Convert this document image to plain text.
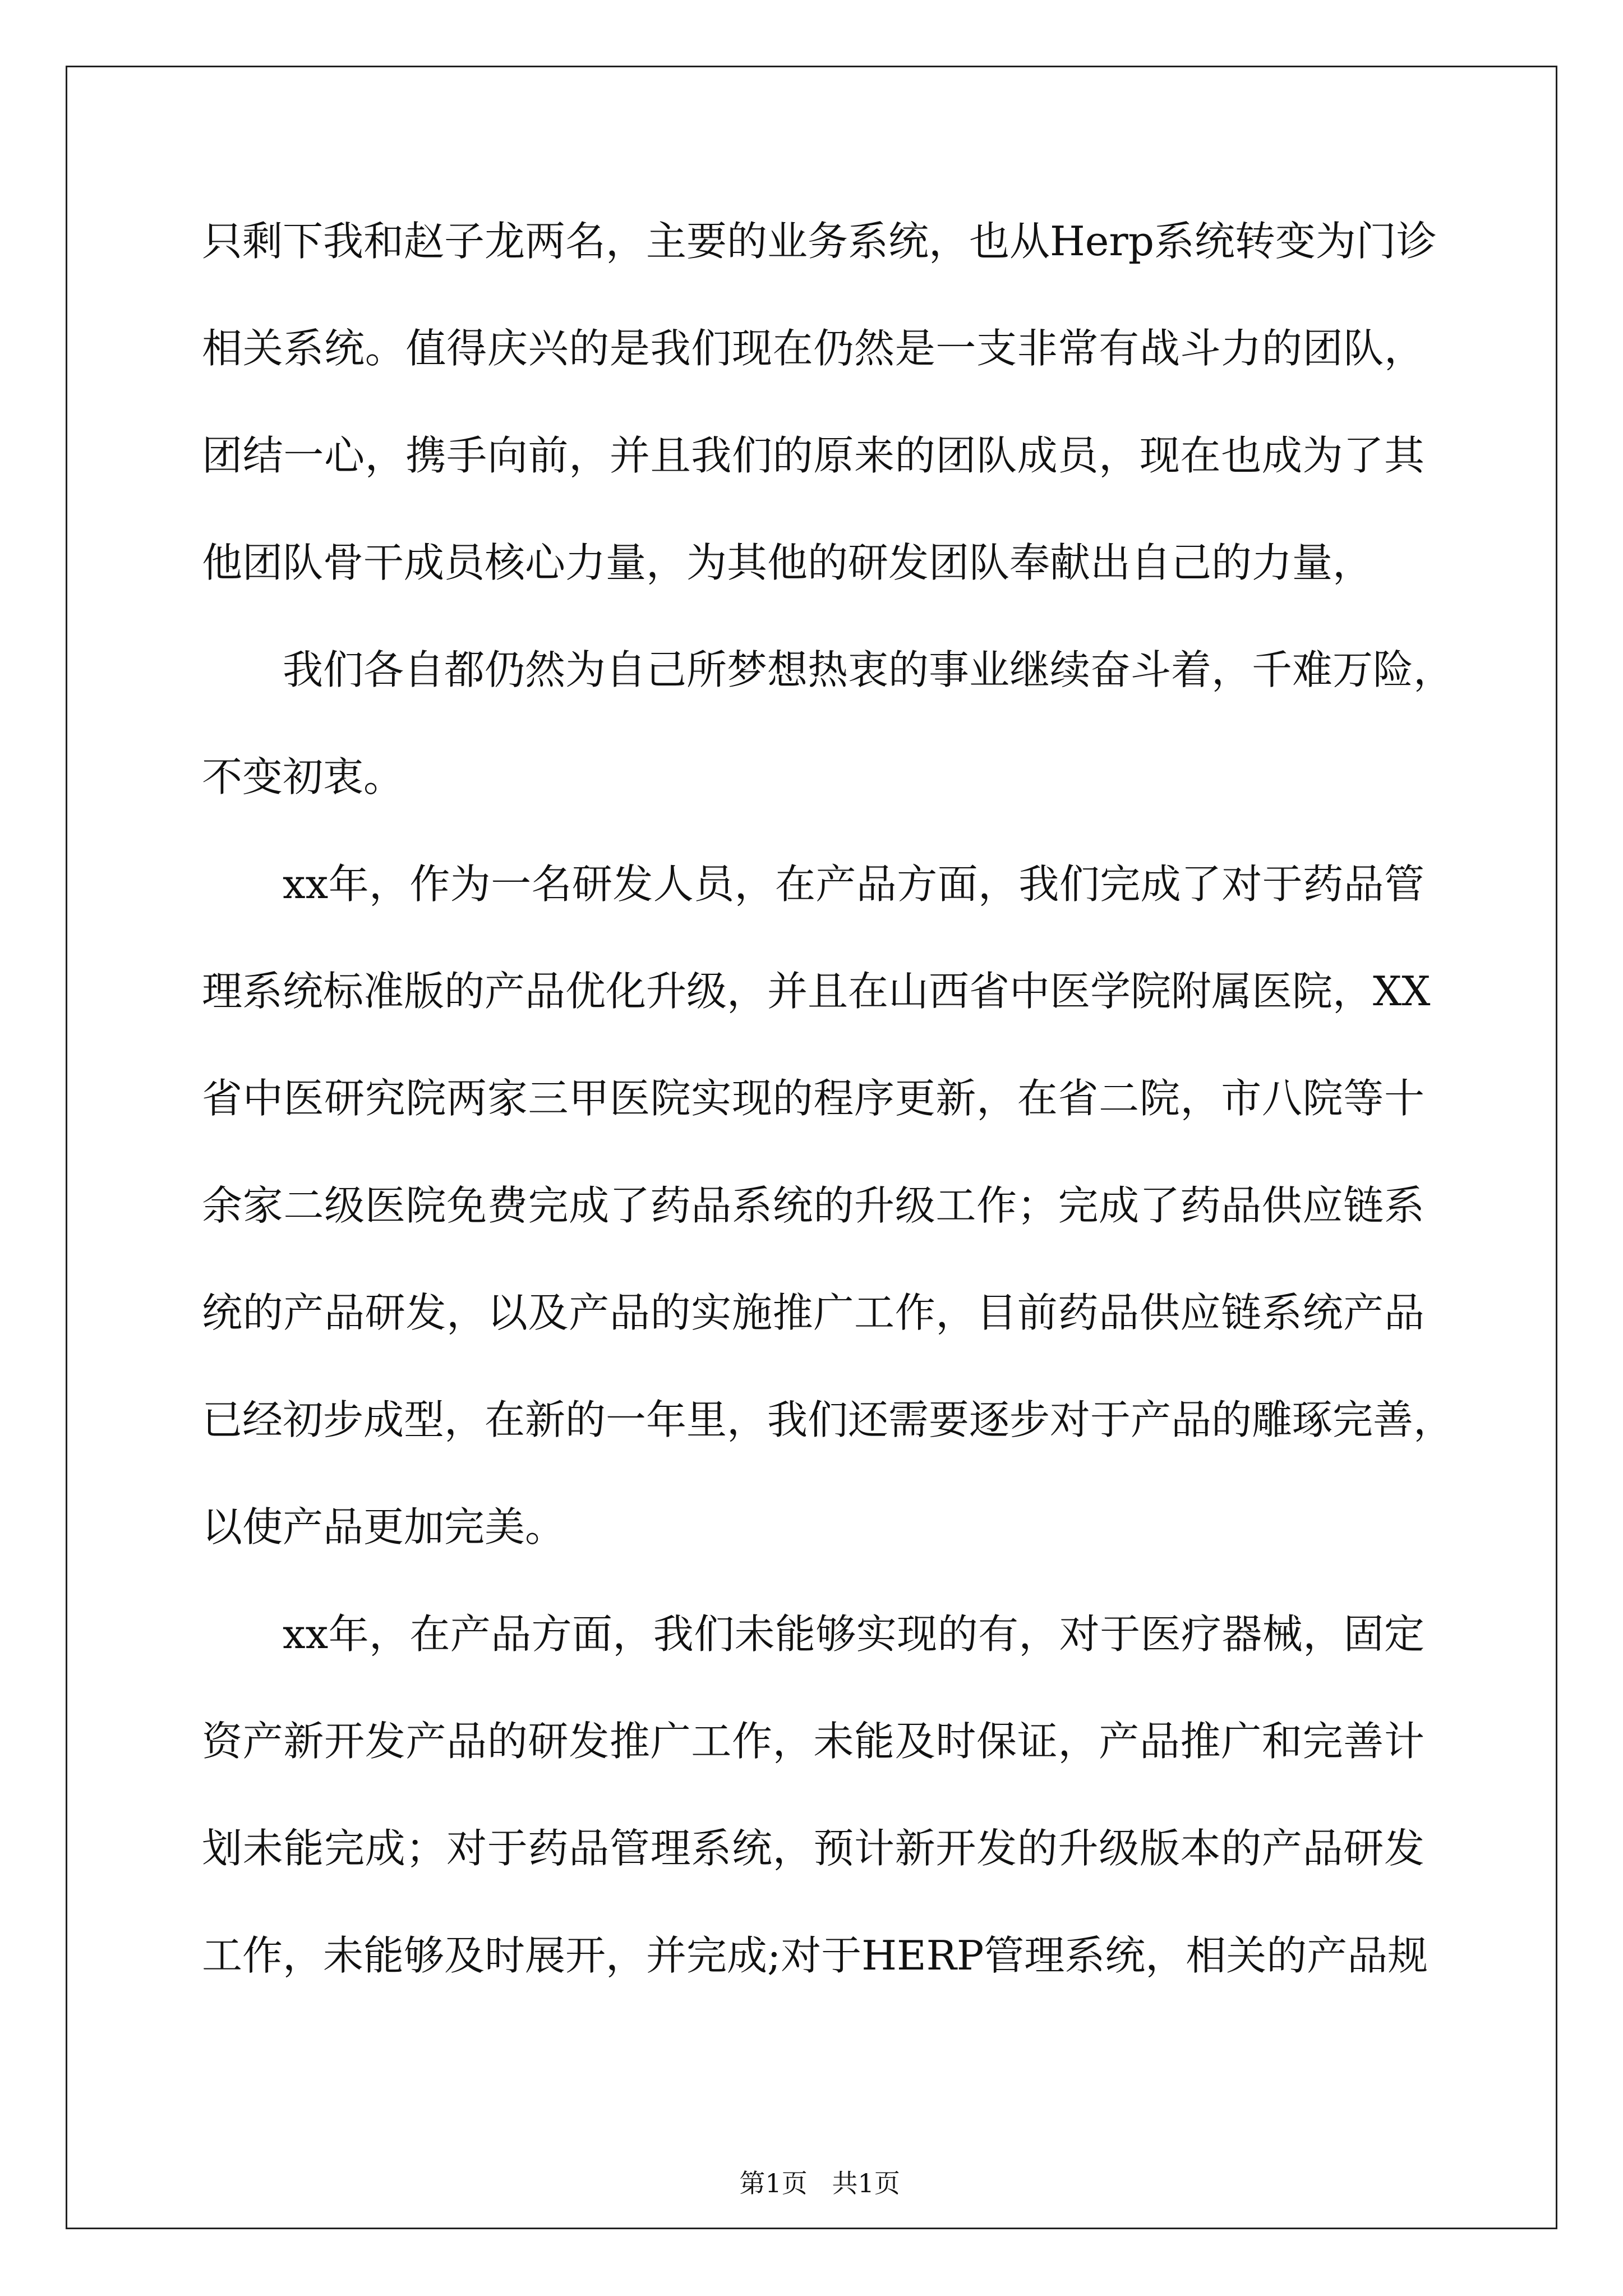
只剩下我和赵子龙两名，主要的业务系统，也从Herp系统转变为门诊
相关系统。值得庆兴的是我们现在仍然是一支非常有战斗力的团队，
团结一心，携手向前，并且我们的原来的团队成员，现在也成为了其
他团队骨干成员核心力量，为其他的研发团队奉献出自己的力量，
我们各自都仍然为自己所梦想热衷的事业继续奋斗着，千难万险，
不变初衷。
xx年，作为一名研发人员，在产品方面，我们完成了对于药品管
理系统标准版的产品优化升级，并且在山西省中医学院附属医院，XX
省中医研究院两家三甲医院实现的程序更新，在省二院，市八院等十
余家二级医院免费完成了药品系统的升级工作；完成了药品供应链系
统的产品研发，以及产品的实施推广工作，目前药品供应链系统产品
已经初步成型，在新的一年里，我们还需要逐步对于产品的雕琢完善，
以使产品更加完美。
xx年，在产品方面，我们未能够实现的有，对于医疗器械，固定
资产新开发产品的研发推广工作，未能及时保证，产品推广和完善计
划未能完成；对于药品管理系统，预计新开发的升级版本的产品研发
工作，未能够及时展开，并完成;对于HERP管理系统，相关的产品规

第1页   共1页
